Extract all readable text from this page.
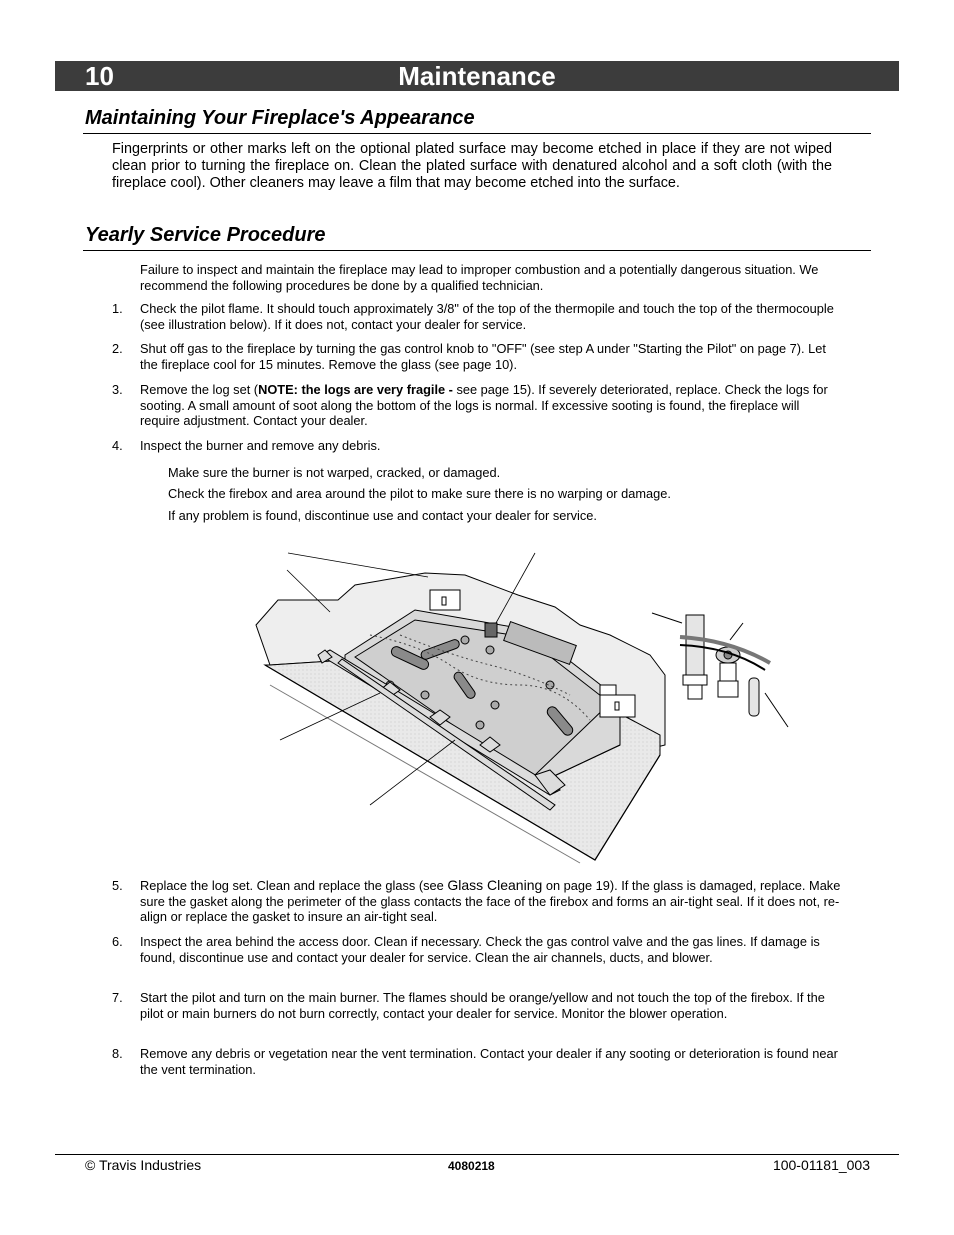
10	Maintenance
Maintaining Your Fireplace's Appearance
Fingerprints or other marks left on the optional plated surface may become etched in place if they are not wiped clean prior to turning the fireplace on. Clean the plated surface with denatured alcohol and a soft cloth (with the fireplace cool). Other cleaners may leave a film that may become etched into the surface.
Yearly Service Procedure
Failure to inspect and maintain the fireplace may lead to improper combustion and a potentially dangerous situation. We recommend the following procedures be done by a qualified technician.
1. Check the pilot flame. It should touch approximately 3/8" of the top of the thermopile and touch the top of the thermocouple (see illustration below). If it does not, contact your dealer for service.
2. Shut off gas to the fireplace by turning the gas control knob to "OFF" (see step A under "Starting the Pilot" on page 7). Let the fireplace cool for 15 minutes. Remove the glass (see page 10).
3. Remove the log set (NOTE: the logs are very fragile - see page 15). If severely deteriorated, replace. Check the logs for sooting. A small amount of soot along the bottom of the logs is normal. If excessive sooting is found, the fireplace will require adjustment. Contact your dealer.
4. Inspect the burner and remove any debris.
Make sure the burner is not warped, cracked, or damaged.
Check the firebox and area around the pilot to make sure there is no warping or damage.
If any problem is found, discontinue use and contact your dealer for service.
5. Replace the log set. Clean and replace the glass (see Glass Cleaning on page 19). If the glass is damaged, replace. Make sure the gasket along the perimeter of the glass contacts the face of the firebox and forms an air-tight seal. If it does not, re-align or replace the gasket to insure an air-tight seal.
6. Inspect the area behind the access door. Clean if necessary. Check the gas control valve and the gas lines. If damage is found, discontinue use and contact your dealer for service. Clean the air channels, ducts, and blower.
7. Start the pilot and turn on the main burner. The flames should be orange/yellow and not touch the top of the firebox. If the pilot or main burners do not burn correctly, contact your dealer for service. Monitor the blower operation.
8. Remove any debris or vegetation near the vent termination. Contact your dealer if any sooting or deterioration is found near the vent termination.
© Travis Industries	4080218	100-01181_003
